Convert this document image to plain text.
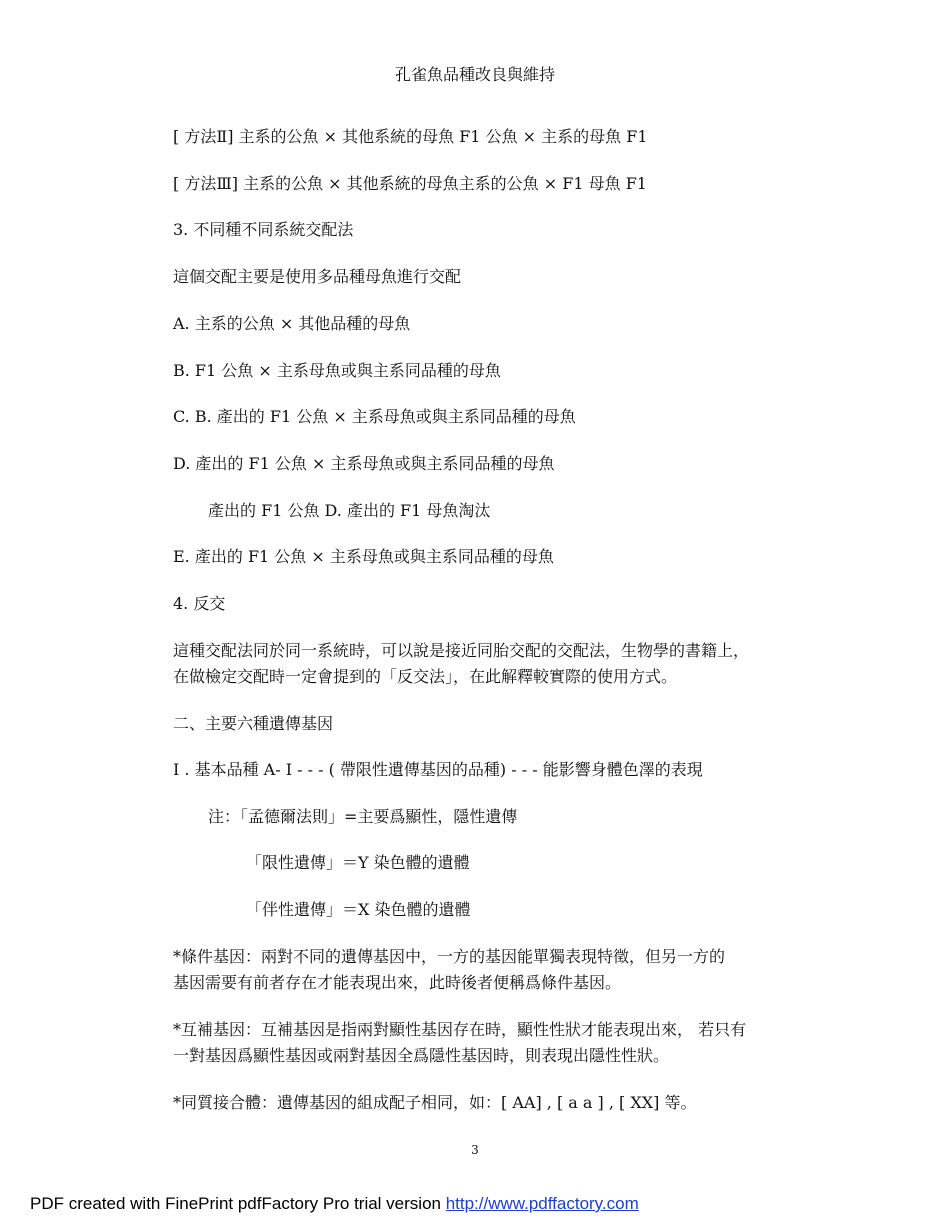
孔雀魚品種改良與維持
[ 方法Ⅱ] 主系的公魚 × 其他系統的母魚 F1 公魚 × 主系的母魚 F1
[ 方法Ⅲ] 主系的公魚 × 其他系統的母魚主系的公魚 × F1 母魚 F1
3. 不同種不同系統交配法
這個交配主要是使用多品種母魚進行交配
A. 主系的公魚 × 其他品種的母魚
B. F1 公魚 × 主系母魚或與主系同品種的母魚
C. B. 產出的 F1 公魚 × 主系母魚或與主系同品種的母魚
D. 產出的 F1 公魚 × 主系母魚或與主系同品種的母魚
產出的 F1 公魚 D. 產出的 F1 母魚淘汰
E. 產出的 F1 公魚 × 主系母魚或與主系同品種的母魚
4. 反交
這種交配法同於同一系統時，可以說是接近同胎交配的交配法，生物學的書籍上，
在做檢定交配時一定會提到的「反交法」，在此解釋較實際的使用方式。
二、主要六種遺傳基因
I . 基本品種 A- I - - - ( 帶限性遺傳基因的品種) - - - 能影響身體色澤的表現
注：「孟德爾法則」=主要爲顯性，隱性遺傳
「限性遺傳」＝Y 染色體的遺體
「伴性遺傳」＝X 染色體的遺體
*條件基因：兩對不同的遺傳基因中，一方的基因能單獨表現特徵，但另一方的
基因需要有前者存在才能表現出來，此時後者便稱爲條件基因。
*互補基因：互補基因是指兩對顯性基因存在時，顯性性狀才能表現出來， 若只有
一對基因爲顯性基因或兩對基因全爲隱性基因時，則表現出隱性性狀。
*同質接合體：遺傳基因的組成配子相同，如：[ AA] , [ a a ] , [ XX] 等。
3
PDF created with FinePrint pdfFactory Pro trial version http://www.pdffactory.com
